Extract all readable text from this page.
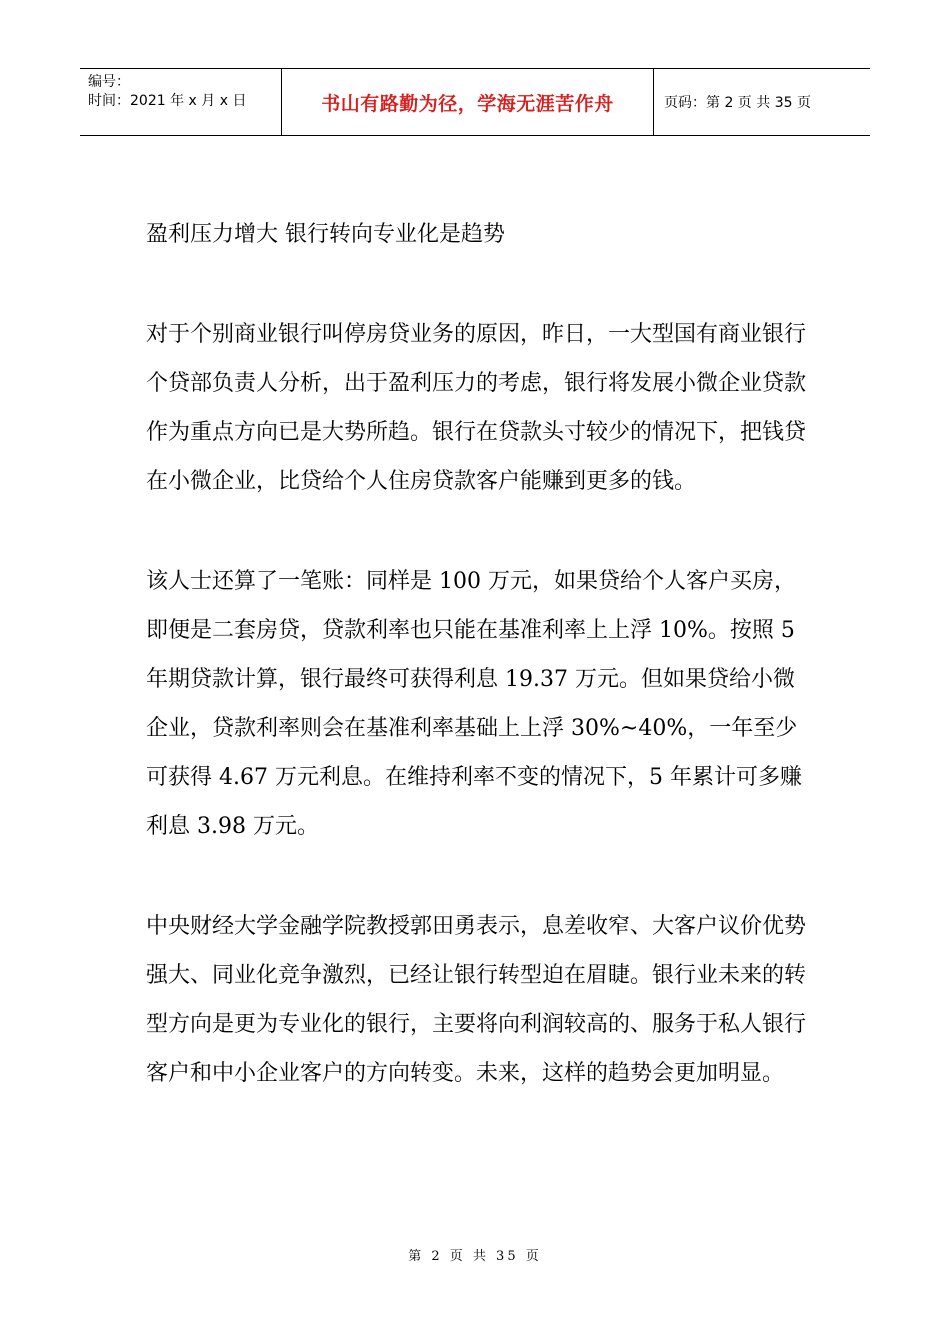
编号：
时间：2021 年 x 月 x 日	书山有路勤为径，学海无涯苦作舟	页码：第 2 页 共 35 页

盈利压力增大 银行转向专业化是趋势

对于个别商业银行叫停房贷业务的原因，昨日，一大型国有商业银行个贷部负责人分析，出于盈利压力的考虑，银行将发展小微企业贷款作为重点方向已是大势所趋。银行在贷款头寸较少的情况下，把钱贷在小微企业，比贷给个人住房贷款客户能赚到更多的钱。

该人士还算了一笔账：同样是 100 万元，如果贷给个人客户买房，即便是二套房贷，贷款利率也只能在基准利率上上浮 10%。按照 5 年期贷款计算，银行最终可获得利息 19.37 万元。但如果贷给小微企业，贷款利率则会在基准利率基础上上浮 30%~40%，一年至少可获得 4.67 万元利息。在维持利率不变的情况下，5 年累计可多赚利息 3.98 万元。

中央财经大学金融学院教授郭田勇表示，息差收窄、大客户议价优势强大、同业化竞争激烈，已经让银行转型迫在眉睫。银行业未来的转型方向是更为专业化的银行，主要将向利润较高的、服务于私人银行客户和中小企业客户的方向转变。未来，这样的趋势会更加明显。

第 2 页 共 35 页
